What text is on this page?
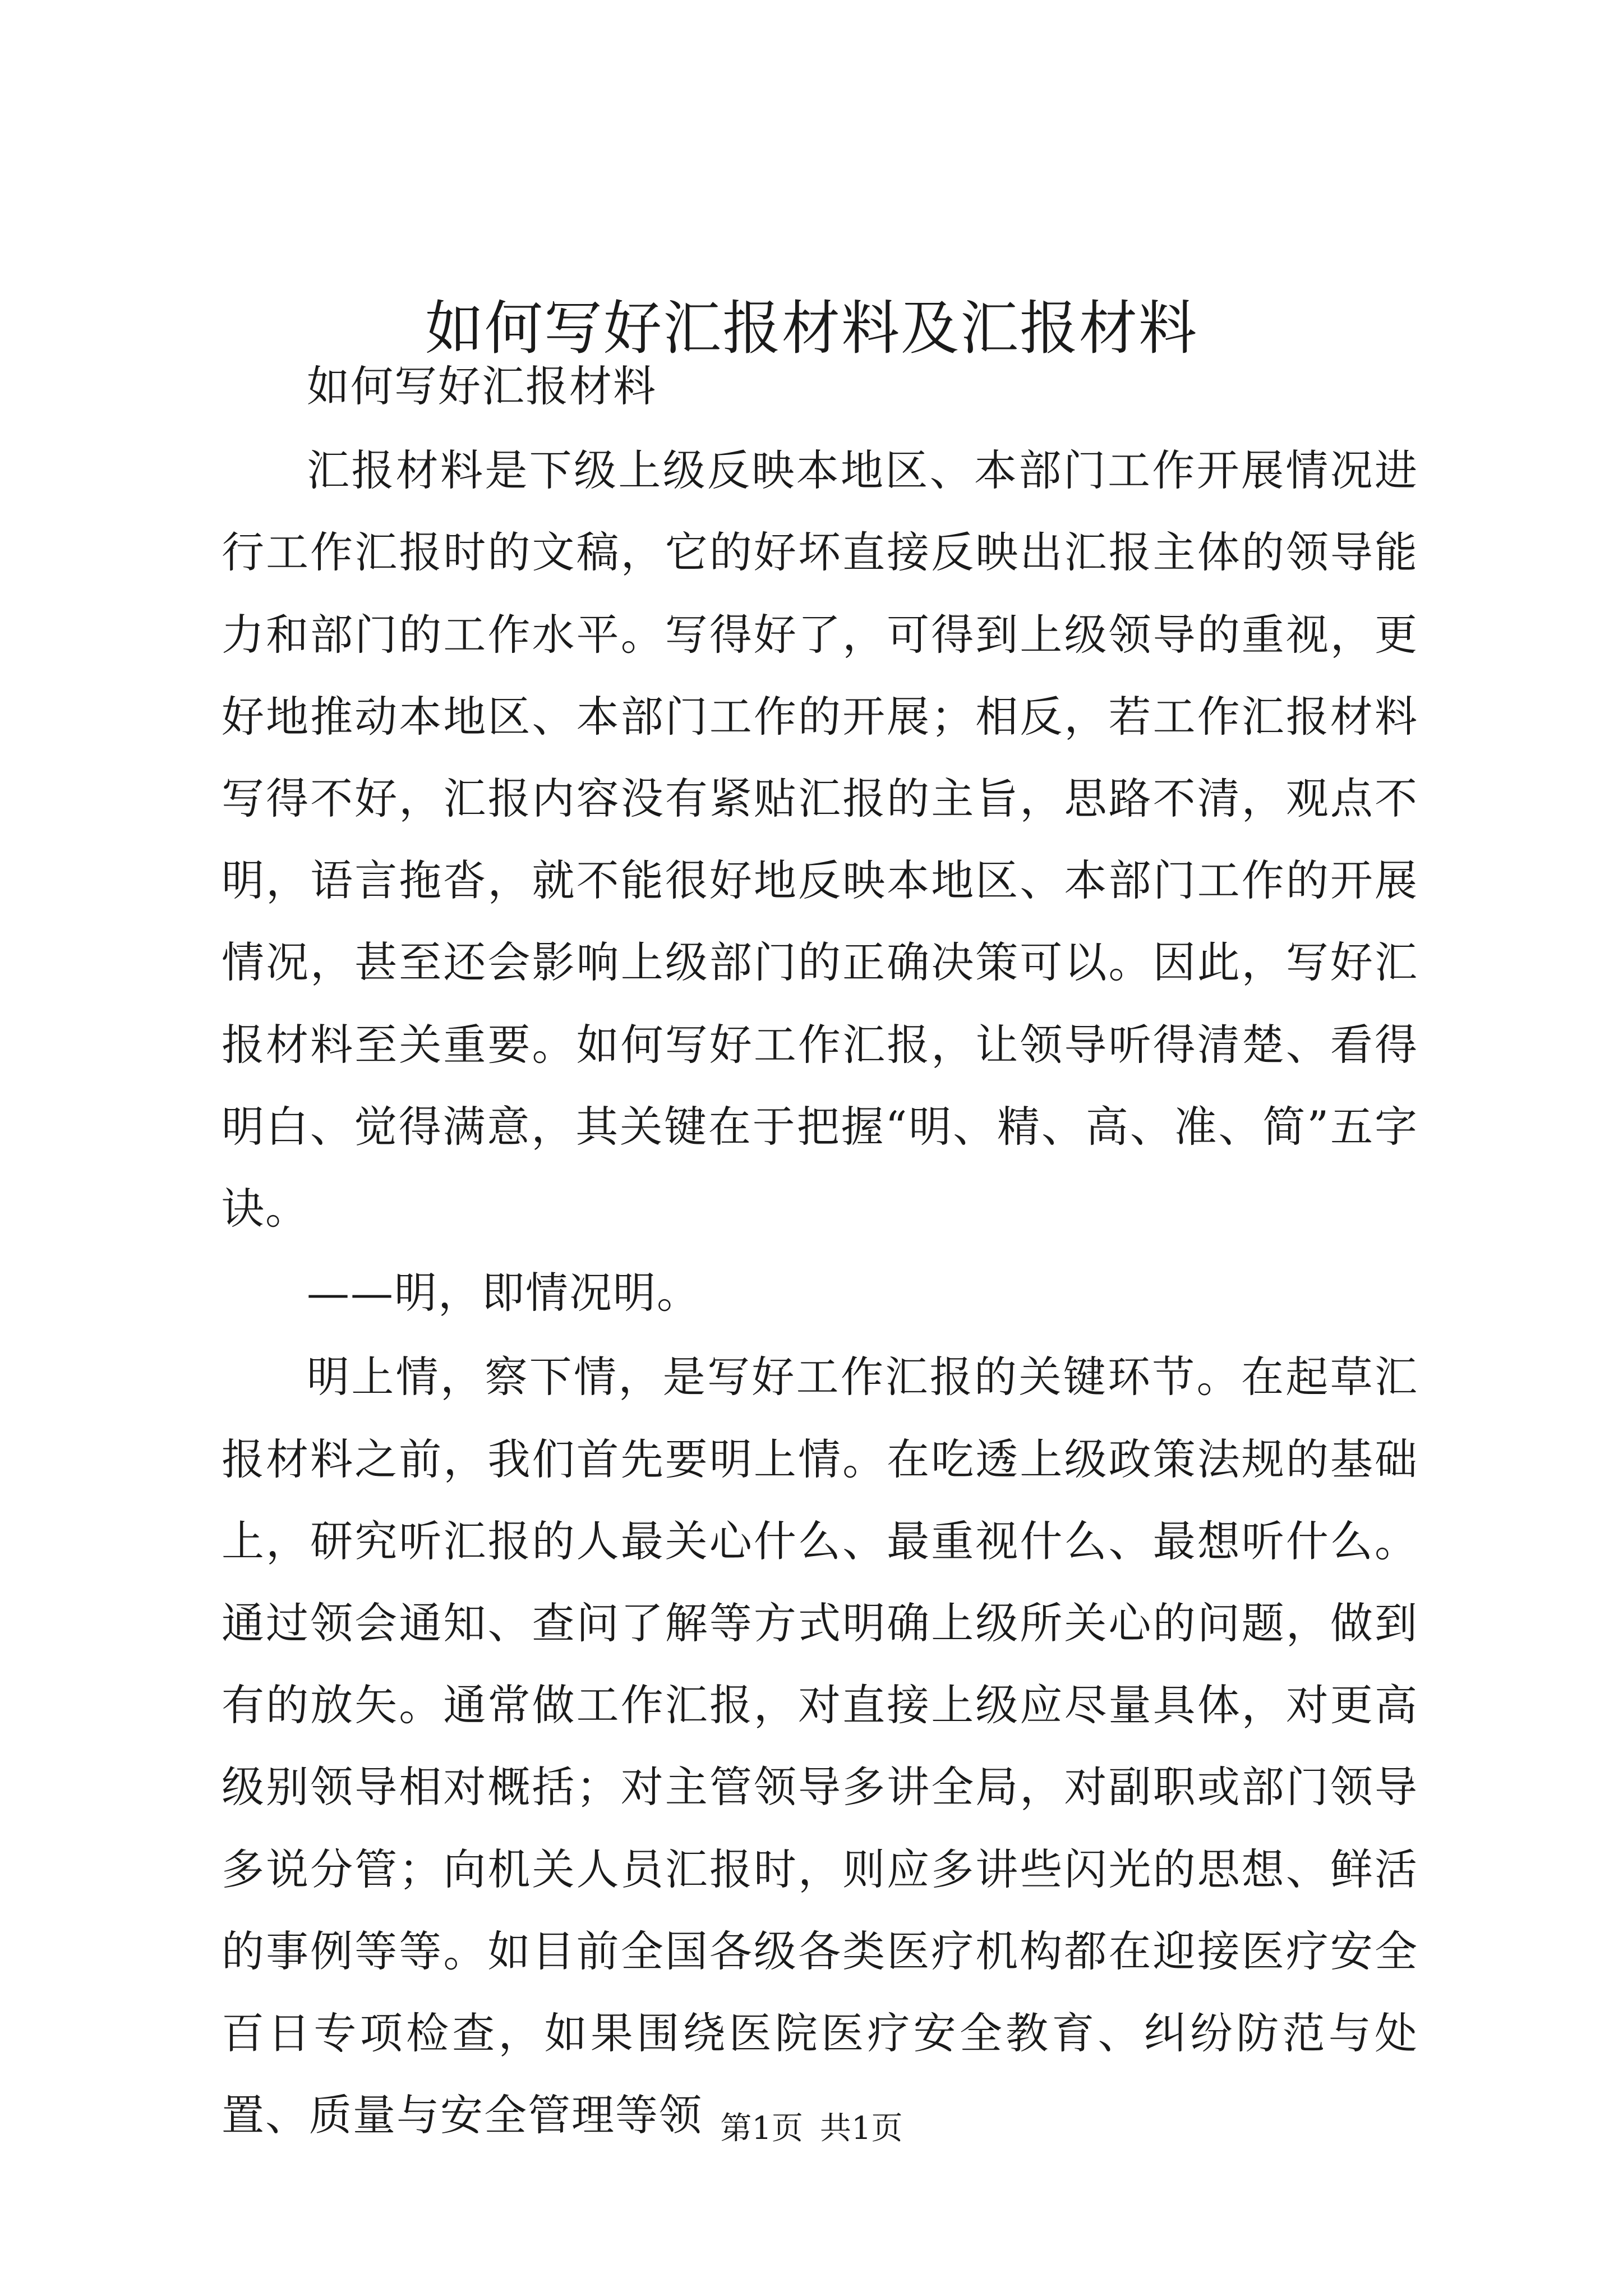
如何写好汇报材料及汇报材料

如何写好汇报材料

汇报材料是下级上级反映本地区、本部门工作开展情况进行工作汇报时的文稿，它的好坏直接反映出汇报主体的领导能力和部门的工作水平。写得好了，可得到上级领导的重视，更好地推动本地区、本部门工作的开展；相反，若工作汇报材料写得不好，汇报内容没有紧贴汇报的主旨，思路不清，观点不明，语言拖沓，就不能很好地反映本地区、本部门工作的开展情况，甚至还会影响上级部门的正确决策可以。因此，写好汇报材料至关重要。如何写好工作汇报，让领导听得清楚、看得明白、觉得满意，其关键在于把握“明、精、高、准、简”五字诀。

——明，即情况明。

明上情，察下情，是写好工作汇报的关键环节。在起草汇报材料之前，我们首先要明上情。在吃透上级政策法规的基础上，研究听汇报的人最关心什么、最重视什么、最想听什么。通过领会通知、查问了解等方式明确上级所关心的问题，做到有的放矢。通常做工作汇报，对直接上级应尽量具体，对更高级别领导相对概括；对主管领导多讲全局，对副职或部门领导多说分管；向机关人员汇报时，则应多讲些闪光的思想、鲜活的事例等等。如目前全国各级各类医疗机构都在迎接医疗安全百日专项检查，如果围绕医院医疗安全教育、纠纷防范与处置、质量与安全管理等领 第1页 共1页
